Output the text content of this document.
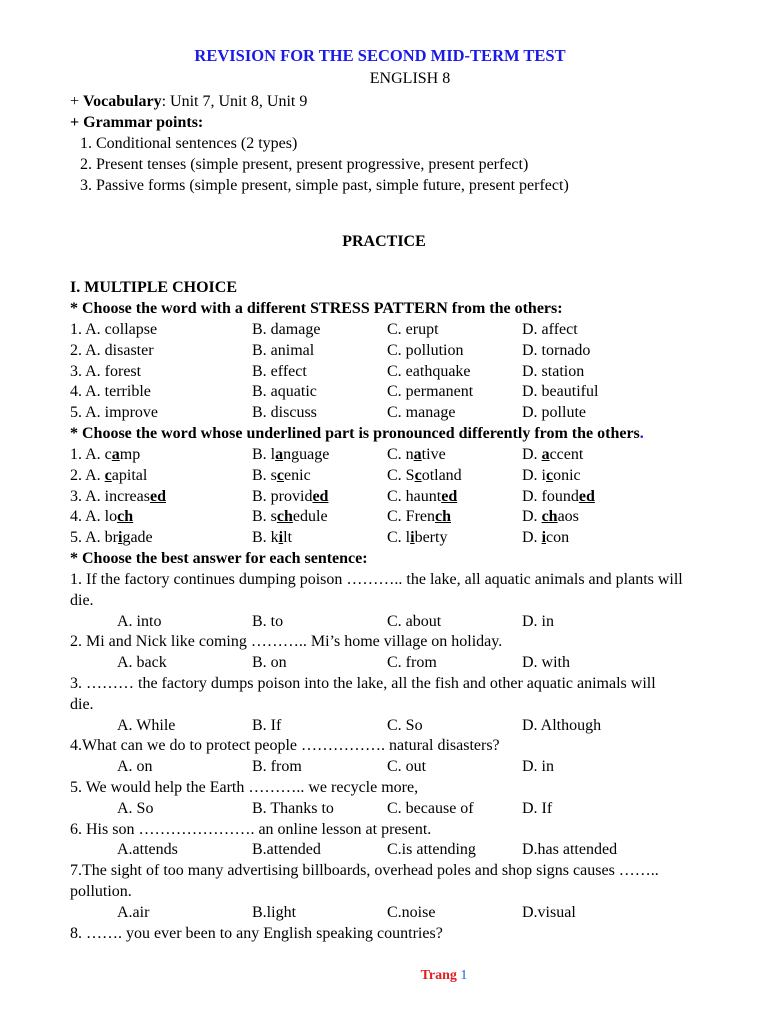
REVISION FOR THE SECOND MID-TERM TEST
ENGLISH 8
+ Vocabulary: Unit 7, Unit 8, Unit 9
+ Grammar points:
1. Conditional sentences (2 types)
2. Present tenses (simple present, present progressive, present perfect)
3. Passive forms (simple present, simple past, simple future, present perfect)
PRACTICE
I. MULTIPLE CHOICE
* Choose the word with a different STRESS PATTERN from the others:
1. A. collapse	B. damage	C. erupt	D. affect
2. A. disaster	B. animal	C. pollution	D. tornado
3. A. forest	B. effect	C. eathquake	D. station
4. A. terrible	B. aquatic	C. permanent	D. beautiful
5. A. improve	B. discuss	C. manage	D. pollute
* Choose the word whose underlined part is pronounced differently from the others.
1. A. camp	B. language	C. native	D. accent
2. A. capital	B. scenic	C. Scotland	D. iconic
3. A. increased	B. provided	C. haunted	D. founded
4. A. loch	B. schedule	C. French	D. chaos
5. A. brigade	B. kilt	C. liberty	D. icon
* Choose the best answer for each sentence:
1. If the factory continues dumping poison ……….. the lake, all aquatic animals and plants will
die.
A. into	B. to	C. about	D. in
2. Mi and Nick like coming ……….. Mi’s home village on holiday.
A. back	B. on	C. from	D. with
3. ……… the factory dumps poison into the lake, all the fish and other aquatic animals will
die.
A. While	B. If	C. So	D. Although
4.What can we do to protect people ……………. natural disasters?
A. on	B. from	C. out	D. in
5. We would help the Earth ……….. we recycle more,
A. So	B. Thanks to	C. because of	D. If
6. His son …………………. an online lesson at present.
A.attends	B.attended	C.is attending	D.has attended
7.The sight of too many advertising billboards, overhead poles and shop signs causes ……..
pollution.
A.air	B.light	C.noise	D.visual
8. ……. you ever been to any English speaking countries?
Trang 1
